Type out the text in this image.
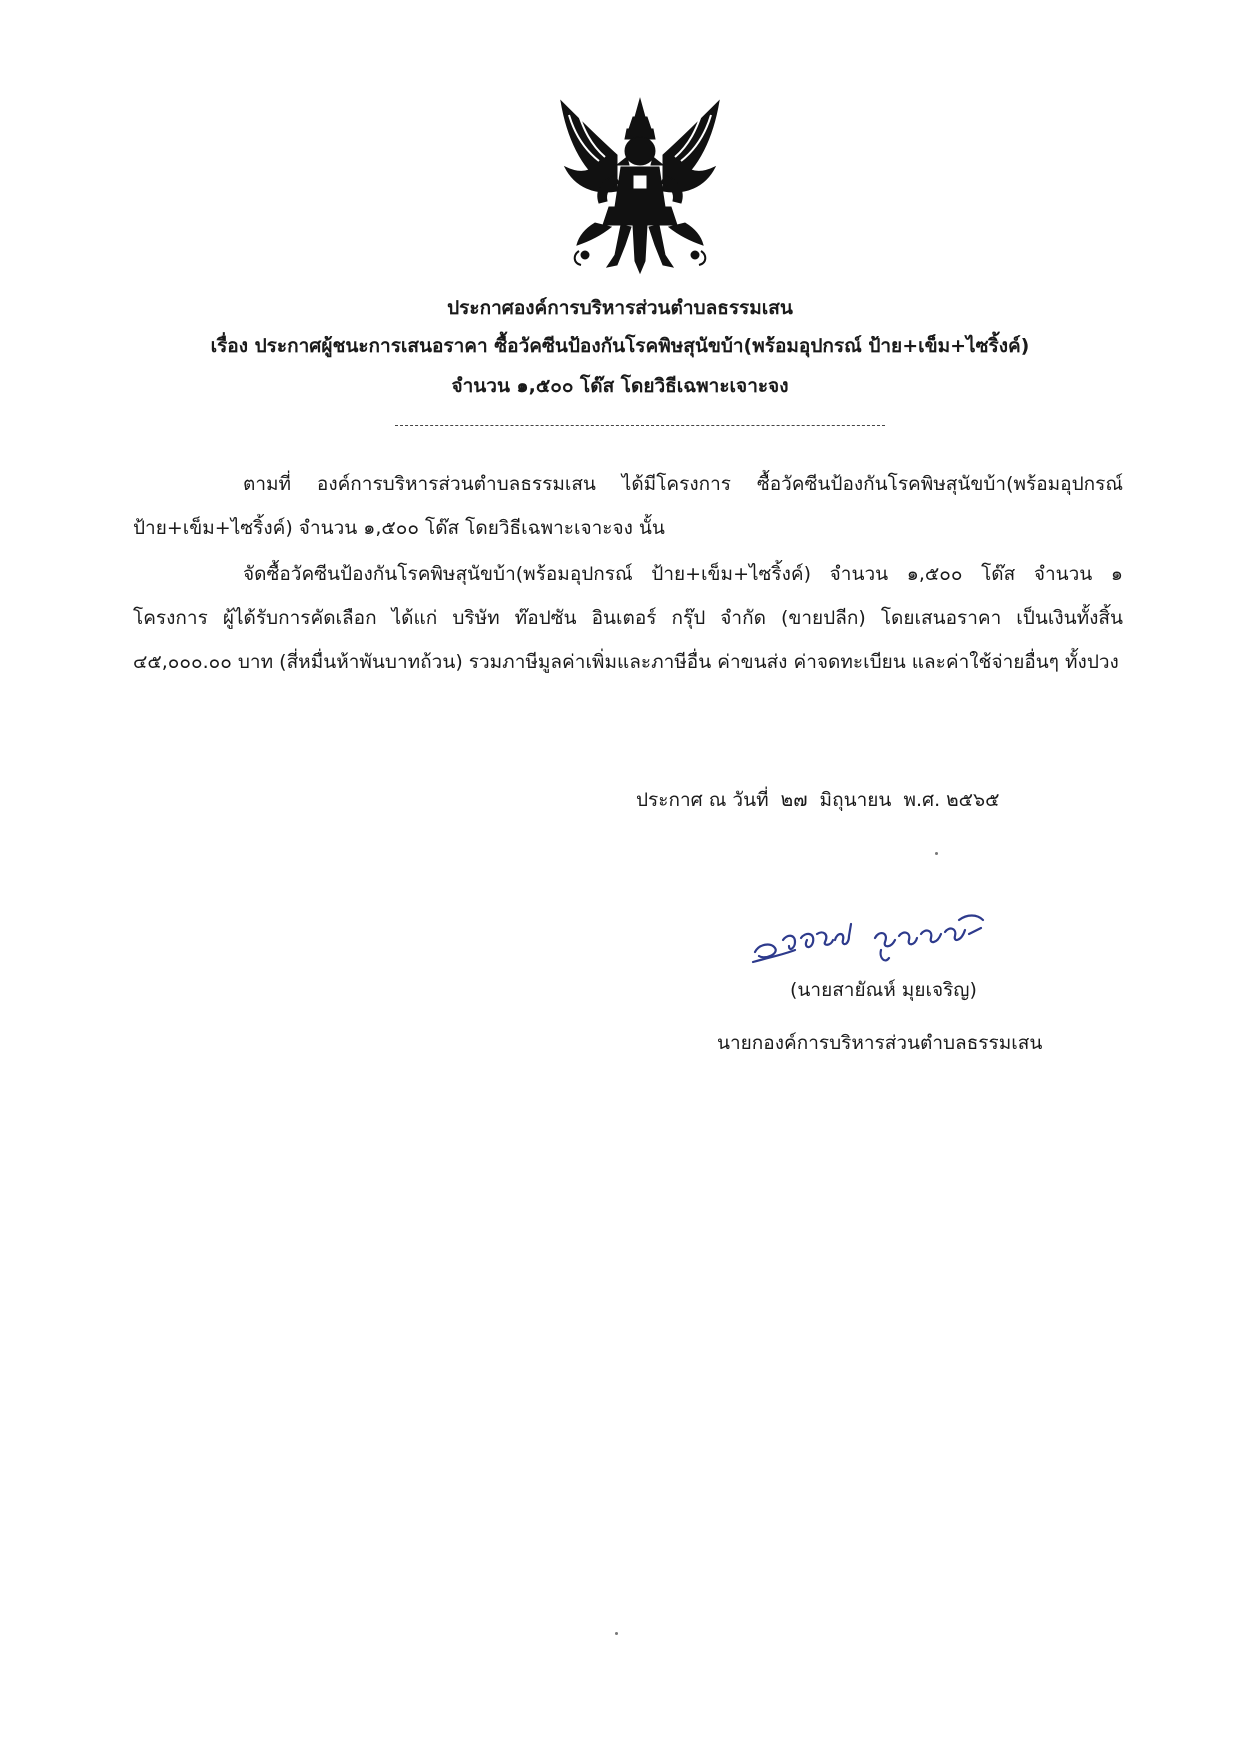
ประกาศองค์การบริหารส่วนตำบลธรรมเสน
เรื่อง ประกาศผู้ชนะการเสนอราคา ซื้อวัคซีนป้องกันโรคพิษสุนัขบ้า(พร้อมอุปกรณ์ ป้าย+เข็ม+ไซริ้งค์)
จำนวน ๑,๕๐๐ โด๊ส โดยวิธีเฉพาะเจาะจง

ตามที่ องค์การบริหารส่วนตำบลธรรมเสน ได้มีโครงการ ซื้อวัคซีนป้องกันโรคพิษสุนัขบ้า(พร้อมอุปกรณ์ ป้าย+เข็ม+ไซริ้งค์) จำนวน ๑,๕๐๐ โด๊ส โดยวิธีเฉพาะเจาะจง นั้น

จัดซื้อวัคซีนป้องกันโรคพิษสุนัขบ้า(พร้อมอุปกรณ์ ป้าย+เข็ม+ไซริ้งค์) จำนวน ๑,๕๐๐ โด๊ส จำนวน ๑ โครงการ ผู้ได้รับการคัดเลือก ได้แก่ บริษัท ท๊อปซัน อินเตอร์ กรุ๊ป จำกัด (ขายปลีก) โดยเสนอราคา เป็นเงินทั้งสิ้น ๔๕,๐๐๐.๐๐ บาท (สี่หมื่นห้าพันบาทถ้วน) รวมภาษีมูลค่าเพิ่มและภาษีอื่น ค่าขนส่ง ค่าจดทะเบียน และค่าใช้จ่ายอื่นๆ ทั้งปวง

ประกาศ ณ วันที่  ๒๗  มิถุนายน  พ.ศ. ๒๕๖๕
(นายสายัณห์ มุยเจริญ)
นายกองค์การบริหารส่วนตำบลธรรมเสน
